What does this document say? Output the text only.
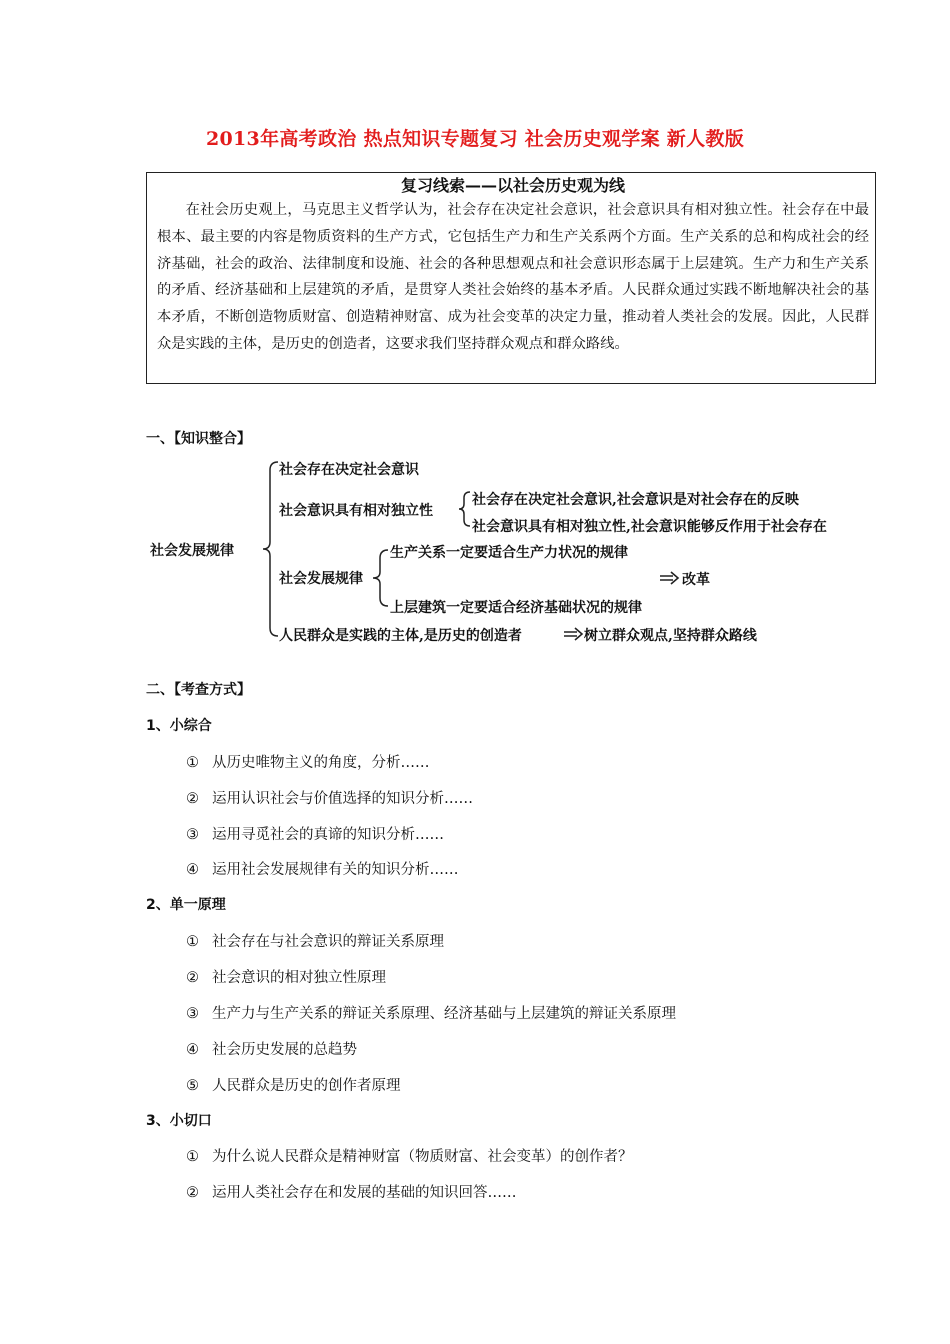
2013年高考政治 热点知识专题复习 社会历史观学案 新人教版
复习线索——以社会历史观为线
在社会历史观上，马克思主义哲学认为，社会存在决定社会意识，社会意识具有相对独立性。社会存在中最根本、最主要的内容是物质资料的生产方式，它包括生产力和生产关系两个方面。生产关系的总和构成社会的经济基础，社会的政治、法律制度和设施、社会的各种思想观点和社会意识形态属于上层建筑。生产力和生产关系的矛盾、经济基础和上层建筑的矛盾，是贯穿人类社会始终的基本矛盾。人民群众通过实践不断地解决社会的基本矛盾，不断创造物质财富、创造精神财富、成为社会变革的决定力量，推动着人类社会的发展。因此，人民群众是实践的主体，是历史的创造者，这要求我们坚持群众观点和群众路线。
一、【知识整合】
社会发展规律
社会存在决定社会意识
社会意识具有相对独立性
社会存在决定社会意识,社会意识是对社会存在的反映
社会意识具有相对独立性,社会意识能够反作用于社会存在
社会发展规律
生产关系一定要适合生产力状况的规律
改革
上层建筑一定要适合经济基础状况的规律
人民群众是实践的主体,是历史的创造者	树立群众观点,坚持群众路线
二、【考查方式】
1、小综合
① 从历史唯物主义的角度，分析……
② 运用认识社会与价值选择的知识分析……
③ 运用寻觅社会的真谛的知识分析……
④ 运用社会发展规律有关的知识分析……
2、单一原理
① 社会存在与社会意识的辩证关系原理
② 社会意识的相对独立性原理
③ 生产力与生产关系的辩证关系原理、经济基础与上层建筑的辩证关系原理
④ 社会历史发展的总趋势
⑤ 人民群众是历史的创作者原理
3、小切口
① 为什么说人民群众是精神财富（物质财富、社会变革）的创作者？
② 运用人类社会存在和发展的基础的知识回答……
